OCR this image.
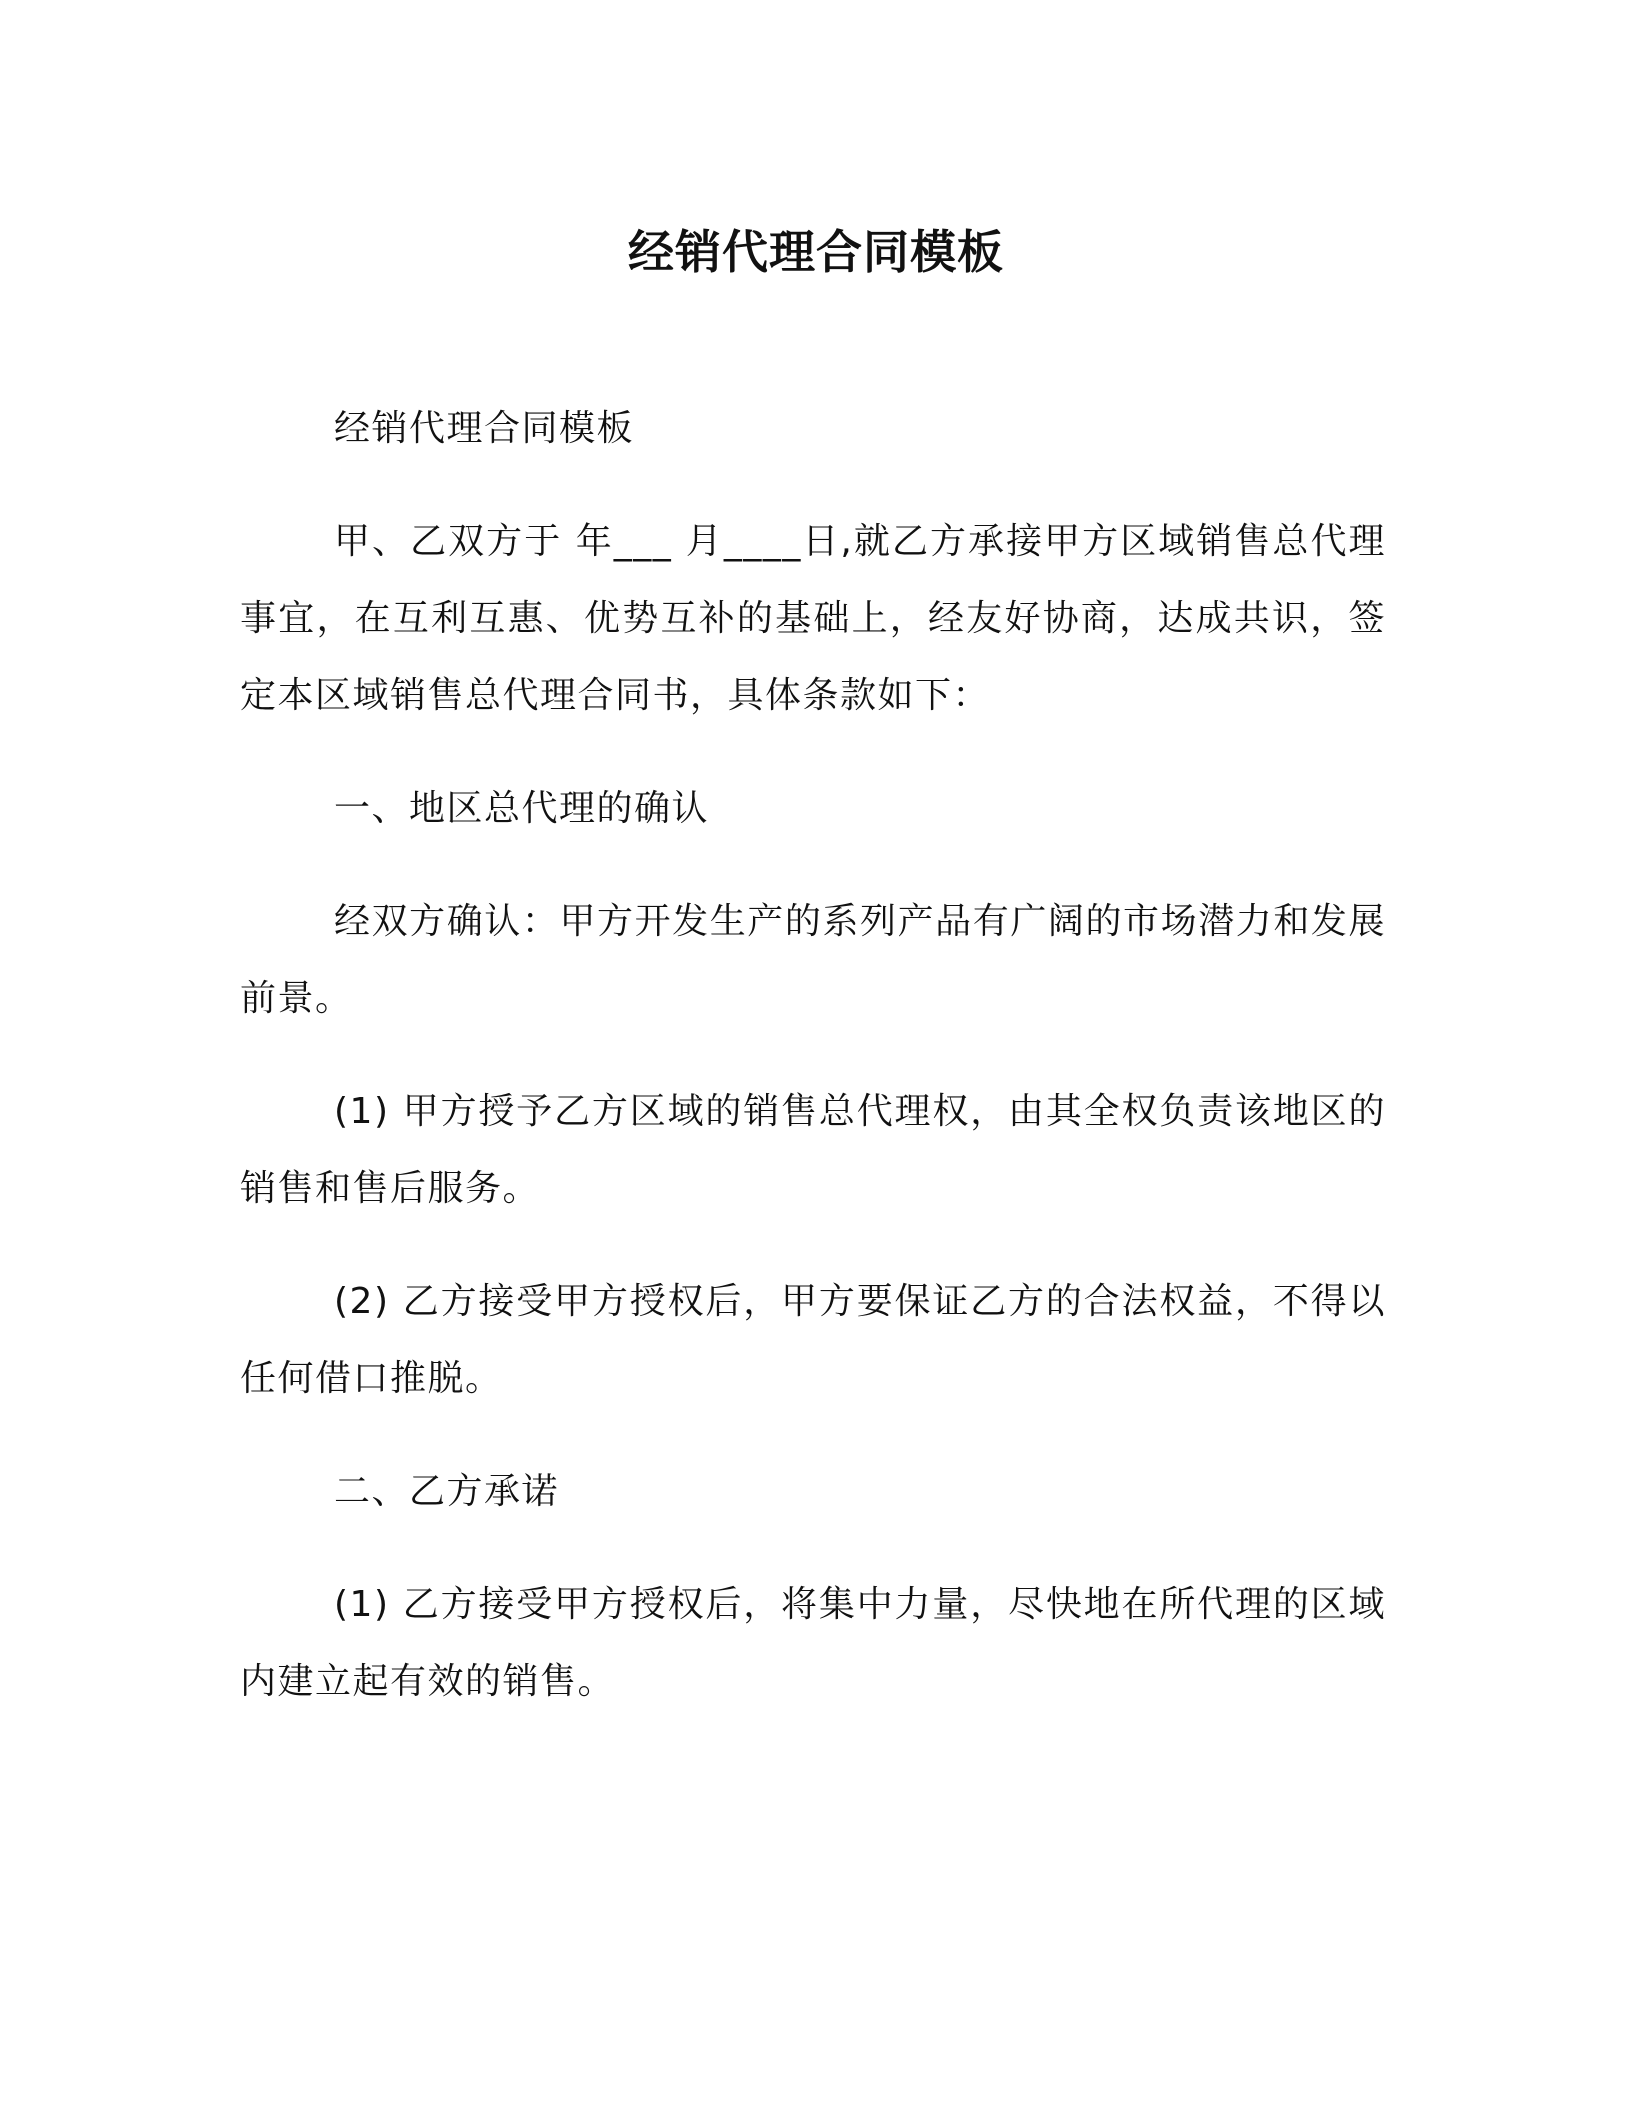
经销代理合同模板

经销代理合同模板

甲、乙双方于 年___ 月____日,就乙方承接甲方区域销售总代理事宜，在互利互惠、优势互补的基础上，经友好协商，达成共识，签定本区域销售总代理合同书，具体条款如下：

一、地区总代理的确认

经双方确认：甲方开发生产的系列产品有广阔的市场潜力和发展前景。

(1) 甲方授予乙方区域的销售总代理权，由其全权负责该地区的销售和售后服务。

(2) 乙方接受甲方授权后，甲方要保证乙方的合法权益，不得以任何借口推脱。

二、乙方承诺

(1) 乙方接受甲方授权后，将集中力量，尽快地在所代理的区域内建立起有效的销售。
